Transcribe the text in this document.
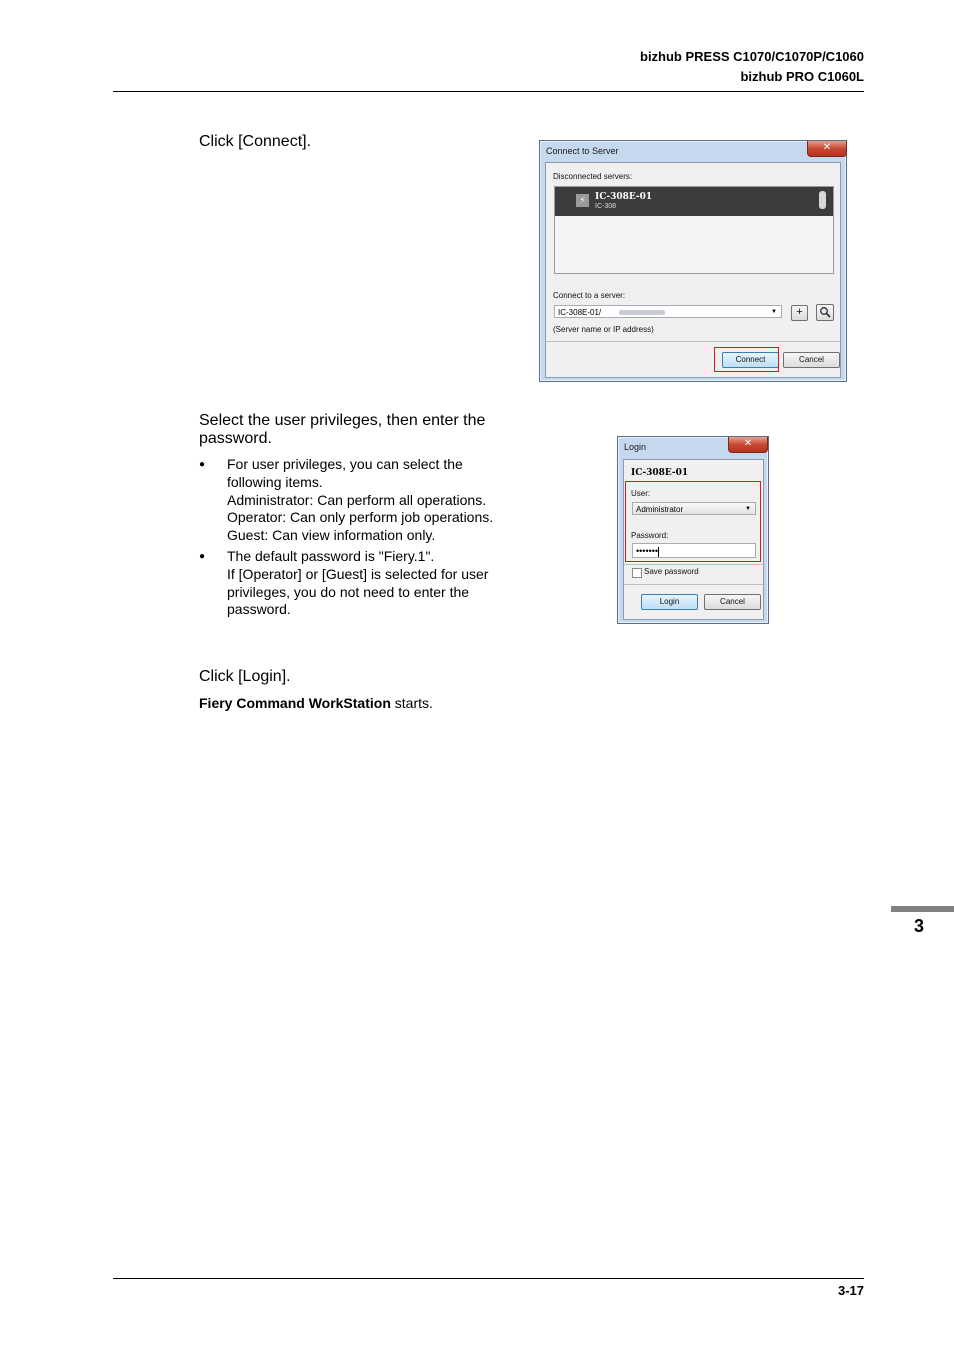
bizhub PRESS C1070/C1070P/C1060
bizhub PRO C1060L
Click [Connect].
Connect to Server	✕
Disconnected servers:
⚡	IC-308E-01
IC-308
Connect to a server:
IC-308E-01/	▼	+
(Server name or IP address)
Connect	Cancel
Select the user privileges, then enter the
password.
● For user privileges, you can select the
following items.
Administrator: Can perform all operations.
Operator: Can only perform job operations.
Guest: Can view information only.
● The default password is "Fiery.1".
If [Operator] or [Guest] is selected for user
privileges, you do not need to enter the
password.
Login	✕
IC-308E-01
User:
Administrator	▼
Password:
•••••••
Save password
Login	Cancel
Click [Login].
Fiery Command WorkStation starts.
3
3-17
